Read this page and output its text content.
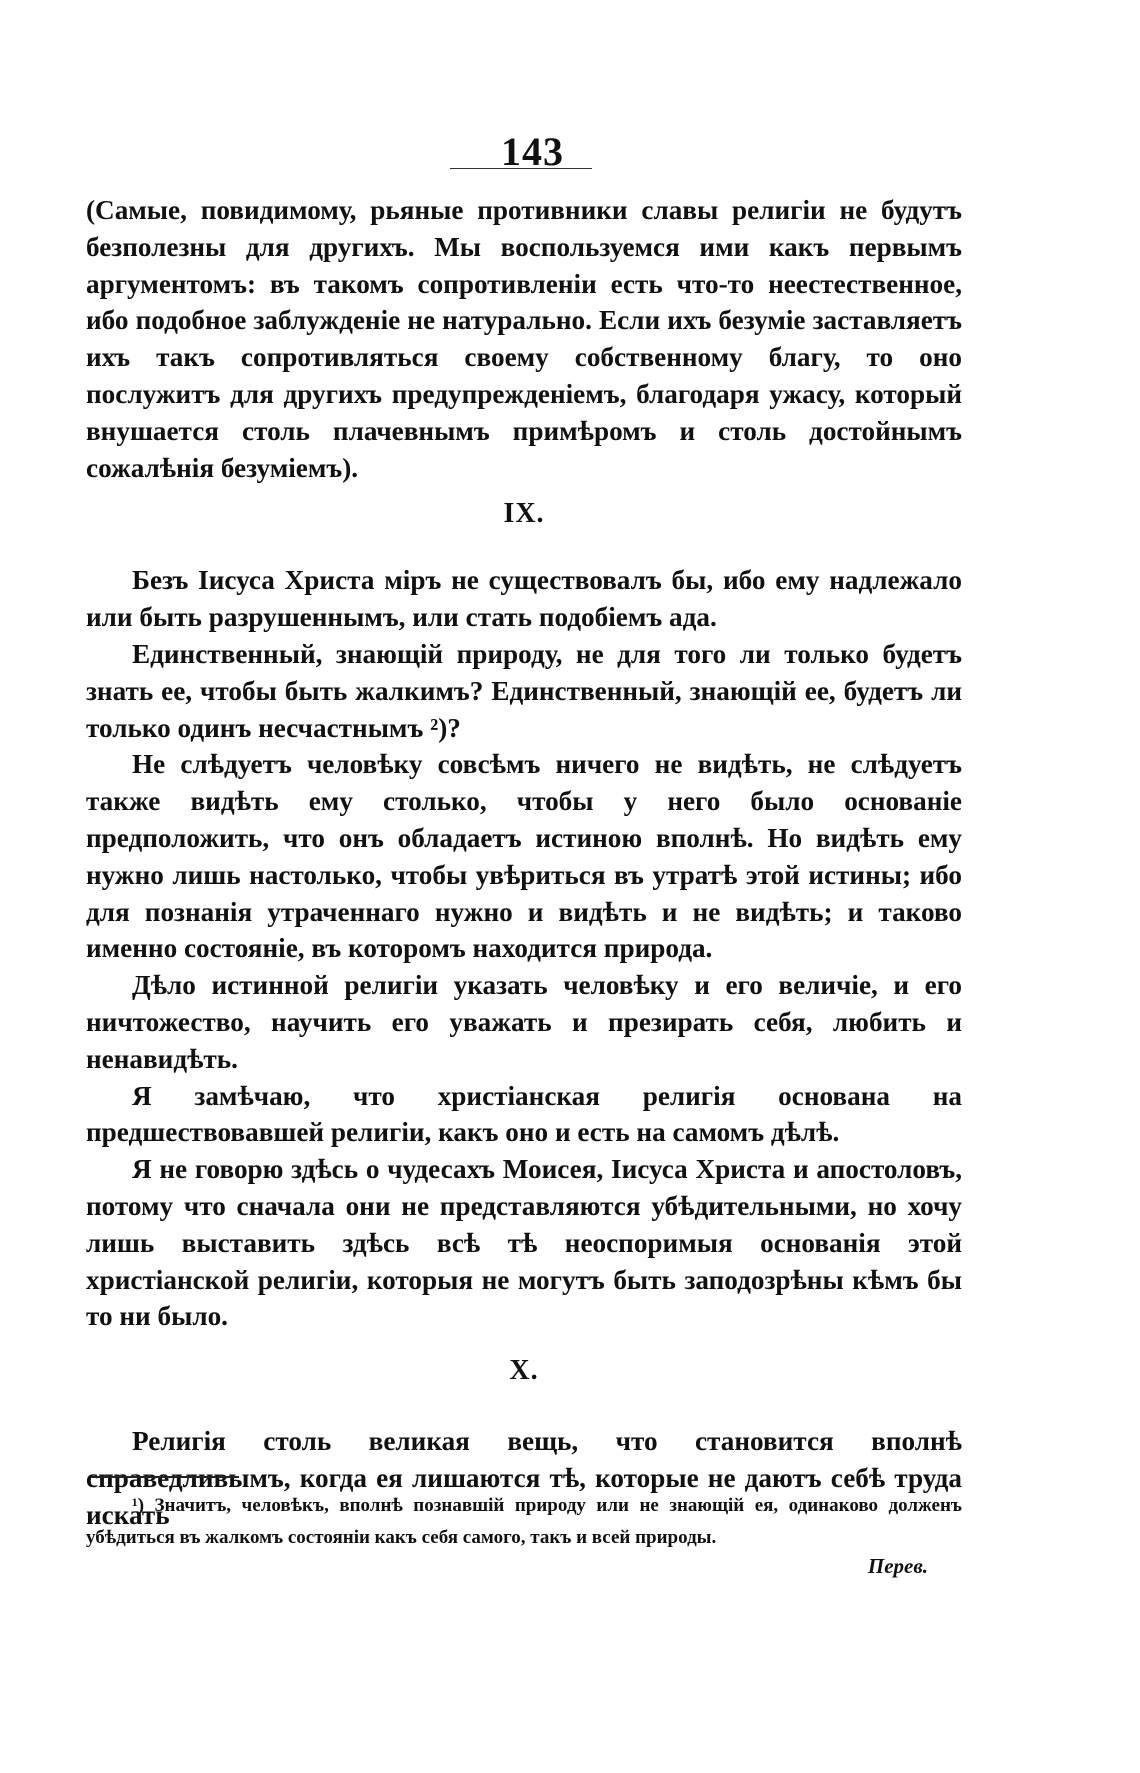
143

(Самые, повидимому, рьяные противники славы религіи не будутъ безполезны для другихъ. Мы воспользуемся ими какъ первымъ аргументомъ: въ такомъ сопротивленіи есть что-то неестественное, ибо подобное заблужденіе не натурально. Если ихъ безуміе заставляетъ ихъ такъ сопротивляться своему собственному благу, то оно послужитъ для другихъ предупрежденіемъ, благодаря ужасу, который внушается столь плачевнымъ примѣромъ и столь достойнымъ сожалѣнія безуміемъ).

IX.

Безъ Іисуса Христа міръ не существовалъ бы, ибо ему надлежало или быть разрушеннымъ, или стать подобіемъ ада.

Единственный, знающій природу, не для того ли только будетъ знать ее, чтобы быть жалкимъ? Единственный, знающій ее, будетъ ли только одинъ несчастнымъ ²)?

Не слѣдуетъ человѣку совсѣмъ ничего не видѣть, не слѣдуетъ также видѣть ему столько, чтобы у него было основаніе предположить, что онъ обладаетъ истиною вполнѣ. Но видѣть ему нужно лишь настолько, чтобы увѣриться въ утратѣ этой истины; ибо для познанія утраченнаго нужно и видѣть и не видѣть; и таково именно состояніе, въ которомъ находится природа.

Дѣло истинной религіи указать человѣку и его величіе, и его ничтожество, научить его уважать и презирать себя, любить и ненавидѣть.

Я замѣчаю, что христіанская религія основана на предшествовавшей религіи, какъ оно и есть на самомъ дѣлѣ.

Я не говорю здѣсь о чудесахъ Моисея, Іисуса Христа и апостоловъ, потому что сначала они не представляются убѣдительными, но хочу лишь выставить здѣсь всѣ тѣ неоспоримыя основанія этой христіанской религіи, которыя не могутъ быть заподозрѣны кѣмъ бы то ни было.

X.

Религія столь великая вещь, что становится вполнѣ справедливымъ, когда ея лишаются тѣ, которые не даютъ себѣ труда искать

¹) Значитъ, человѣкъ, вполнѣ познавшій природу или не знающій ея, одинаково долженъ убѣдиться въ жалкомъ состояніи какъ себя самого, такъ и всей природы.
Перев.
